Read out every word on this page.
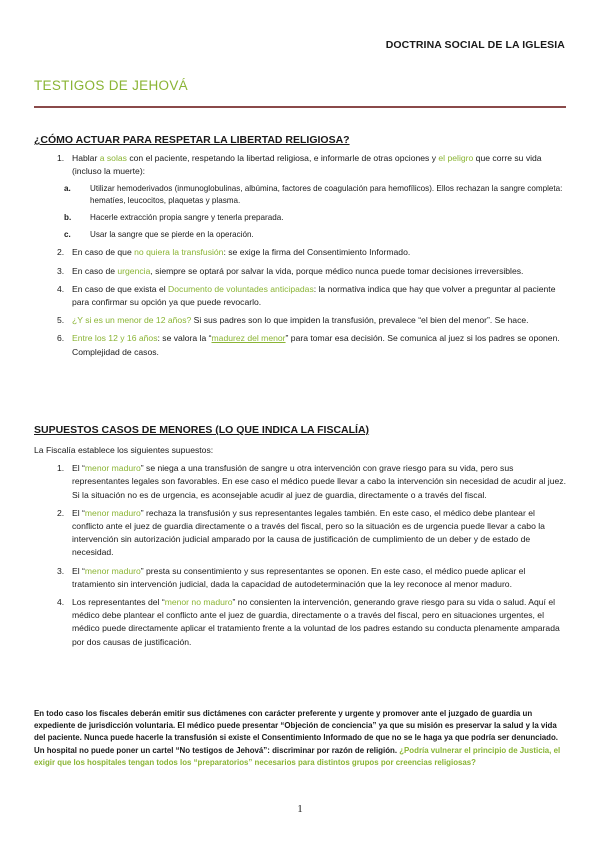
DOCTRINA SOCIAL DE LA IGLESIA
TESTIGOS DE JEHOVÁ
¿CÓMO ACTUAR PARA RESPETAR LA LIBERTAD RELIGIOSA?
1. Hablar a solas con el paciente, respetando la libertad religiosa, e informarle de otras opciones y el peligro que corre su vida (incluso la muerte):
a. Utilizar hemoderivados (inmunoglobulinas, albúmina, factores de coagulación para hemofílicos). Ellos rechazan la sangre completa: hematíes, leucocitos, plaquetas y plasma.
b. Hacerle extracción propia sangre y tenerla preparada.
c. Usar la sangre que se pierde en la operación.
2. En caso de que no quiera la transfusión: se exige la firma del Consentimiento Informado.
3. En caso de urgencia, siempre se optará por salvar la vida, porque médico nunca puede tomar decisiones irreversibles.
4. En caso de que exista el Documento de voluntades anticipadas: la normativa indica que hay que volver a preguntar al paciente para confirmar su opción ya que puede revocarlo.
5. ¿Y si es un menor de 12 años? Si sus padres son lo que impiden la transfusión, prevalece “el bien del menor”. Se hace.
6. Entre los 12 y 16 años: se valora la “madurez del menor” para tomar esa decisión. Se comunica al juez si los padres se oponen. Complejidad de casos.
SUPUESTOS CASOS DE MENORES (LO QUE INDICA LA FISCALÍA)
La Fiscalía establece los siguientes supuestos:
1. El “menor maduro” se niega a una transfusión de sangre u otra intervención con grave riesgo para su vida, pero sus representantes legales son favorables. En ese caso el médico puede llevar a cabo la intervención sin necesidad de acudir al juez. Si la situación no es de urgencia, es aconsejable acudir al juez de guardia, directamente o a través del fiscal.
2. El “menor maduro” rechaza la transfusión y sus representantes legales también. En este caso, el médico debe plantear el conflicto ante el juez de guardia directamente o a través del fiscal, pero so la situación es de urgencia puede llevar a cabo la intervención sin autorización judicial amparado por la causa de justificación de cumplimiento de un deber y de estado de necesidad.
3. El “menor maduro” presta su consentimiento y sus representantes se oponen. En este caso, el médico puede aplicar el tratamiento sin intervención judicial, dada la capacidad de autodeterminación que la ley reconoce al menor maduro.
4. Los representantes del “menor no maduro” no consienten la intervención, generando grave riesgo para su vida o salud. Aquí el médico debe plantear el conflicto ante el juez de guardia, directamente o a través del fiscal, pero en situaciones urgentes, el médico puede directamente aplicar el tratamiento frente a la voluntad de los padres estando su conducta plenamente amparada por dos causas de justificación.
En todo caso los fiscales deberán emitir sus dictámenes con carácter preferente y urgente y promover ante el juzgado de guardia un expediente de jurisdicción voluntaria. El médico puede presentar “Objeción de conciencia” ya que su misión es preservar la salud y la vida del paciente. Nunca puede hacerle la transfusión si existe el Consentimiento Informado de que no se le haga ya que podría ser denunciado. Un hospital no puede poner un cartel “No testigos de Jehová”: discriminar por razón de religión. ¿Podría vulnerar el principio de Justicia, el exigir que los hospitales tengan todos los “preparatorios” necesarios para distintos grupos por creencias religiosas?
1
